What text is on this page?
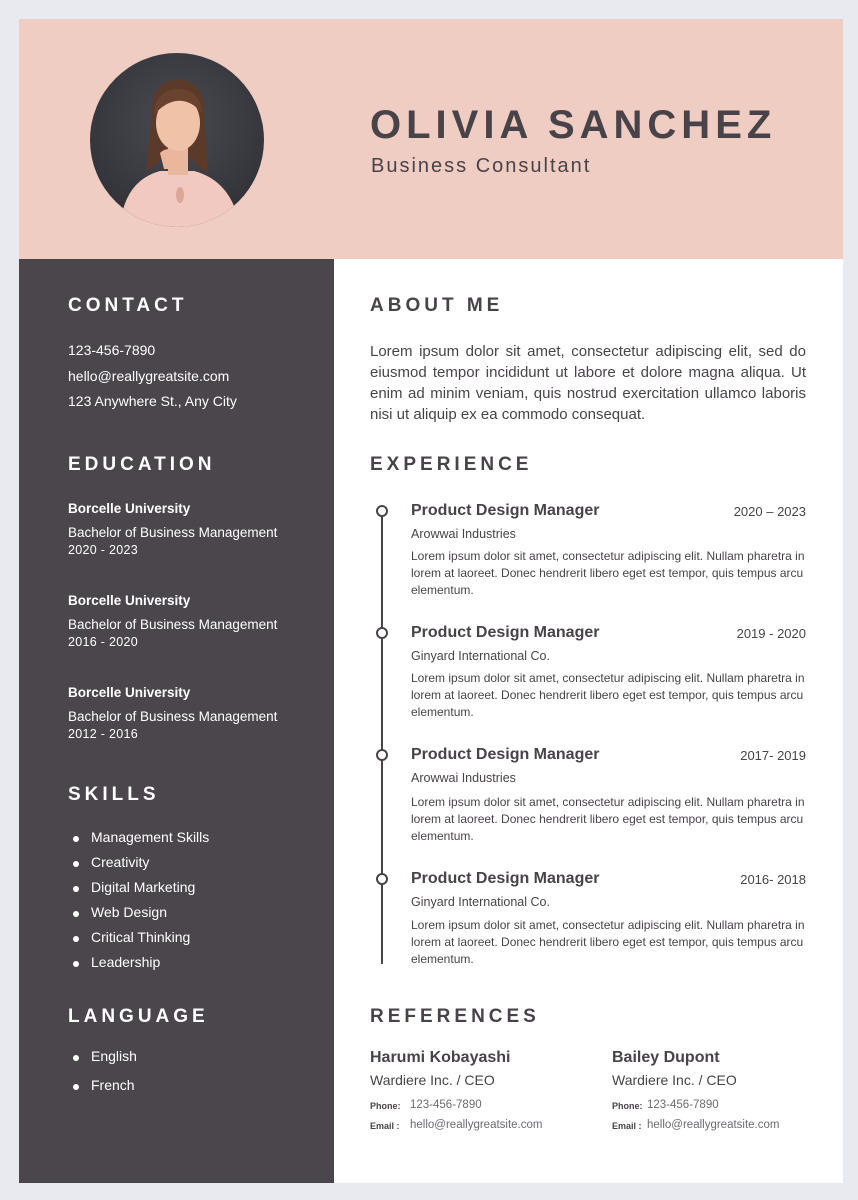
OLIVIA SANCHEZ
Business Consultant
CONTACT
123-456-7890
hello@reallygreatsite.com
123 Anywhere St., Any City
EDUCATION
Borcelle University
Bachelor of Business Management
2020 - 2023
Borcelle University
Bachelor of Business Management
2016 - 2020
Borcelle University
Bachelor of Business Management
2012 - 2016
SKILLS
Management Skills
Creativity
Digital Marketing
Web Design
Critical Thinking
Leadership
LANGUAGE
English
French
ABOUT ME
Lorem ipsum dolor sit amet, consectetur adipiscing elit, sed do eiusmod tempor incididunt ut labore et dolore magna aliqua. Ut enim ad minim veniam, quis nostrud exercitation ullamco laboris nisi ut aliquip ex ea commodo consequat.
EXPERIENCE
Product Design Manager	2020 – 2023
Arowwai Industries
Lorem ipsum dolor sit amet, consectetur adipiscing elit. Nullam pharetra in lorem at laoreet. Donec hendrerit libero eget est tempor, quis tempus arcu elementum.
Product Design Manager	2019 - 2020
Ginyard International Co.
Lorem ipsum dolor sit amet, consectetur adipiscing elit. Nullam pharetra in lorem at laoreet. Donec hendrerit libero eget est tempor, quis tempus arcu elementum.
Product Design Manager	2017- 2019
Arowwai Industries
Lorem ipsum dolor sit amet, consectetur adipiscing elit. Nullam pharetra in lorem at laoreet. Donec hendrerit libero eget est tempor, quis tempus arcu elementum.
Product Design Manager	2016- 2018
Ginyard International Co.
Lorem ipsum dolor sit amet, consectetur adipiscing elit. Nullam pharetra in lorem at laoreet. Donec hendrerit libero eget est tempor, quis tempus arcu elementum.
REFERENCES
Harumi Kobayashi
Wardiere Inc. / CEO
Phone: 123-456-7890
Email : hello@reallygreatsite.com
Bailey Dupont
Wardiere Inc. / CEO
Phone: 123-456-7890
Email : hello@reallygreatsite.com
